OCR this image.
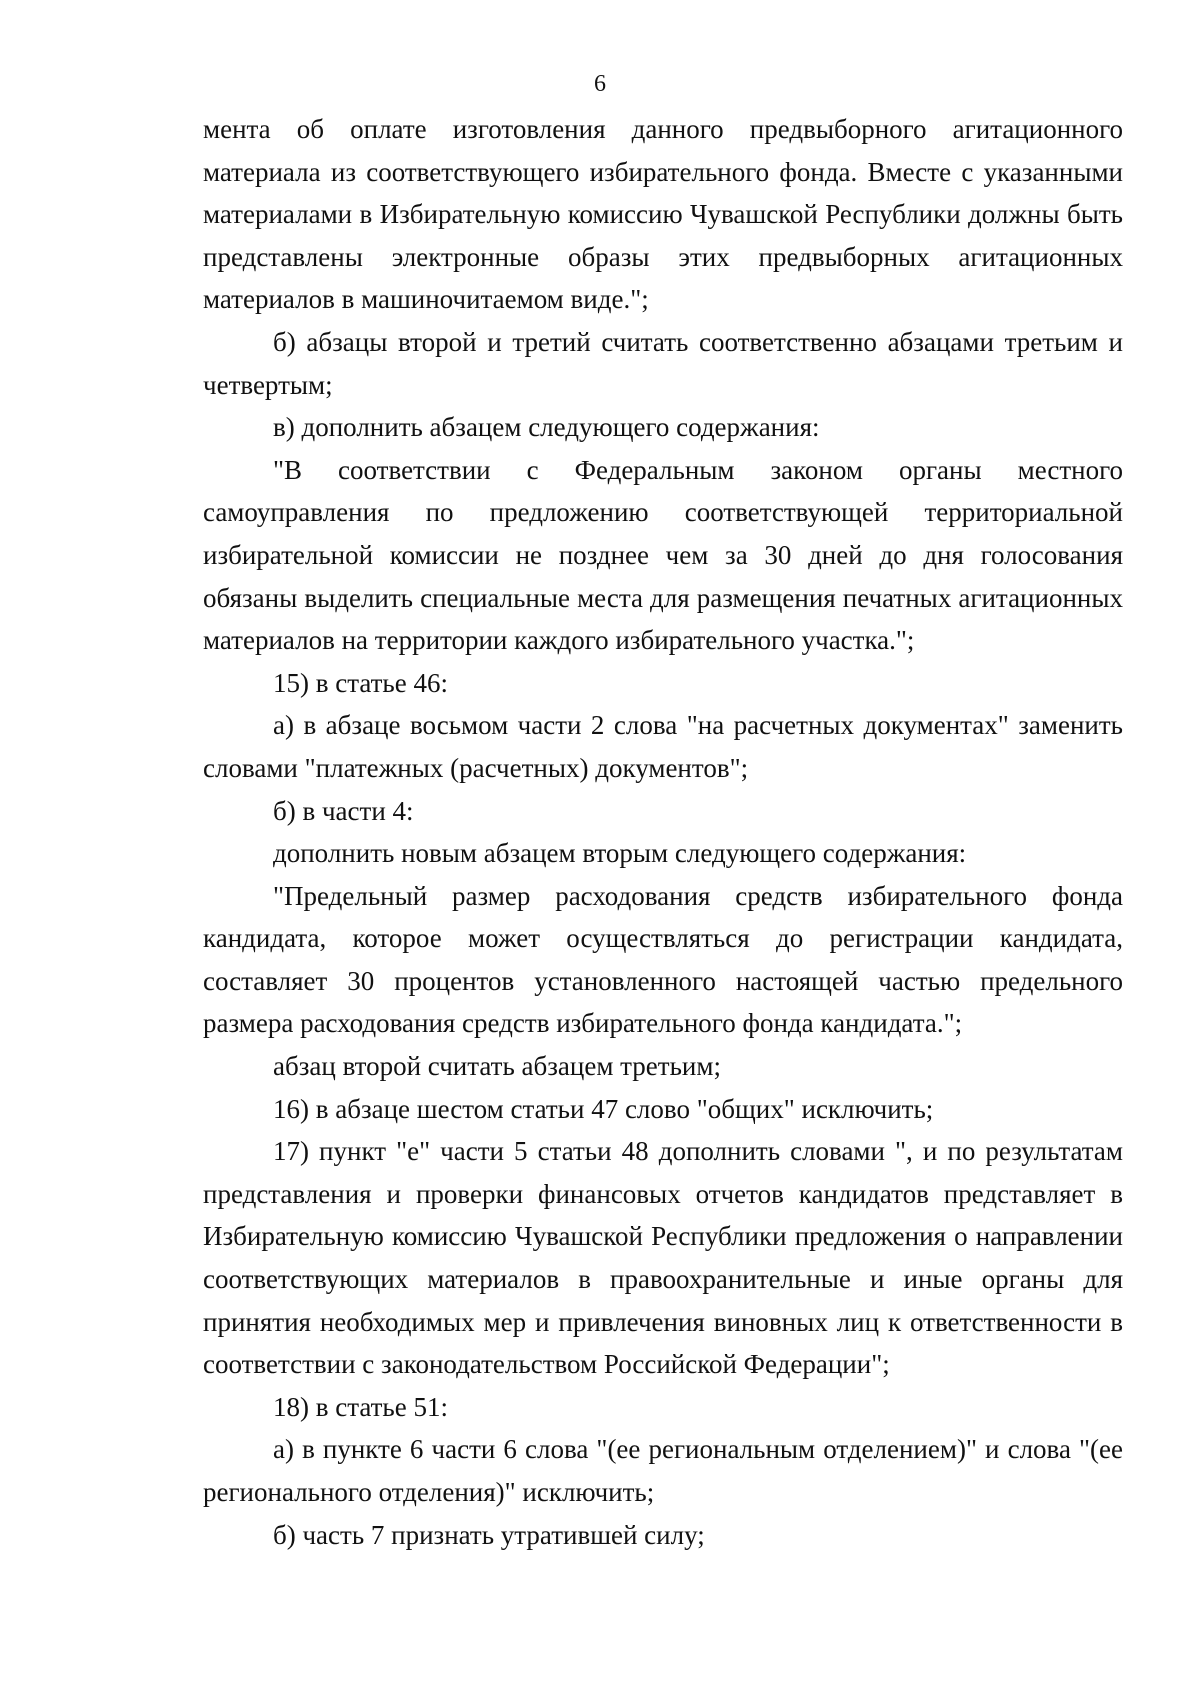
6

мента об оплате изготовления данного предвыборного агитационного материала из соответствующего избирательного фонда. Вместе с указанными материалами в Избирательную комиссию Чувашской Республики должны быть представлены электронные образы этих предвыборных агитационных материалов в машиночитаемом виде.";

б) абзацы второй и третий считать соответственно абзацами третьим и четвертым;

в) дополнить абзацем следующего содержания:

"В соответствии с Федеральным законом органы местного самоуправления по предложению соответствующей территориальной избирательной комиссии не позднее чем за 30 дней до дня голосования обязаны выделить специальные места для размещения печатных агитационных материалов на территории каждого избирательного участка.";

15) в статье 46:

а) в абзаце восьмом части 2 слова "на расчетных документах" заменить словами "платежных (расчетных) документов";

б) в части 4:

дополнить новым абзацем вторым следующего содержания:

"Предельный размер расходования средств избирательного фонда кандидата, которое может осуществляться до регистрации кандидата, составляет 30 процентов установленного настоящей частью предельного размера расходования средств избирательного фонда кандидата.";

абзац второй считать абзацем третьим;

16) в абзаце шестом статьи 47 слово "общих" исключить;

17) пункт "е" части 5 статьи 48 дополнить словами ", и по результатам представления и проверки финансовых отчетов кандидатов представляет в Избирательную комиссию Чувашской Республики предложения о направлении соответствующих материалов в правоохранительные и иные органы для принятия необходимых мер и привлечения виновных лиц к ответственности в соответствии с законодательством Российской Федерации";

18) в статье 51:

а) в пункте 6 части 6 слова "(ее региональным отделением)" и слова "(ее регионального отделения)" исключить;

б) часть 7 признать утратившей силу;
